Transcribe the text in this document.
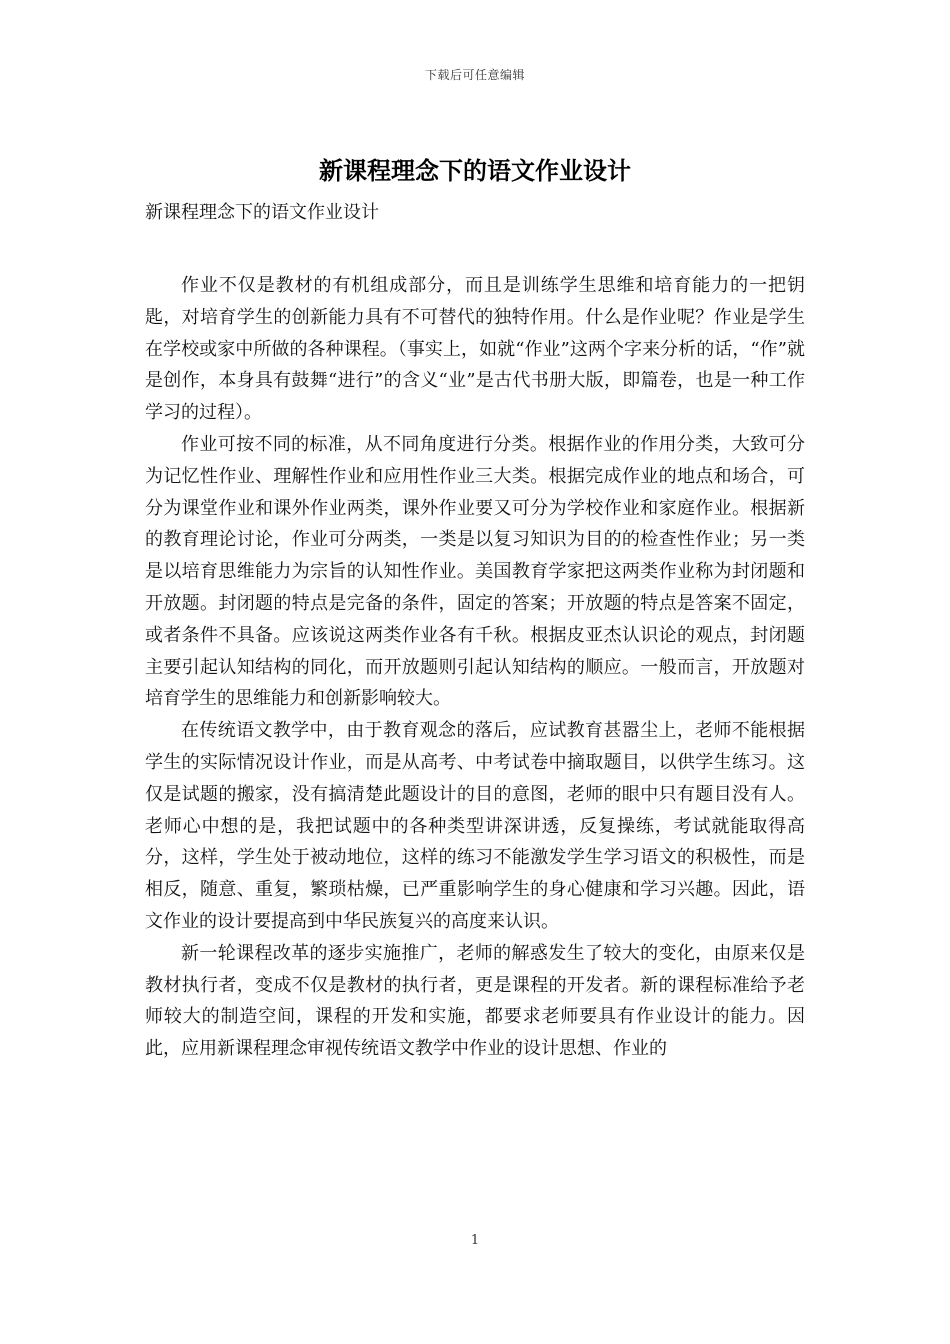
下载后可任意编辑
新课程理念下的语文作业设计

新课程理念下的语文作业设计

作业不仅是教材的有机组成部分，而且是训练学生思维和培育能力的一把钥匙，对培育学生的创新能力具有不可替代的独特作用。什么是作业呢？作业是学生在学校或家中所做的各种课程。（事实上，如就“作业”这两个字来分析的话，“作”就是创作，本身具有鼓舞“进行”的含义“业”是古代书册大版，即篇卷，也是一种工作学习的过程）。

作业可按不同的标准，从不同角度进行分类。根据作业的作用分类，大致可分为记忆性作业、理解性作业和应用性作业三大类。根据完成作业的地点和场合，可分为课堂作业和课外作业两类，课外作业要又可分为学校作业和家庭作业。根据新的教育理论讨论，作业可分两类，一类是以复习知识为目的的检查性作业；另一类是以培育思维能力为宗旨的认知性作业。美国教育学家把这两类作业称为封闭题和开放题。封闭题的特点是完备的条件，固定的答案；开放题的特点是答案不固定，或者条件不具备。应该说这两类作业各有千秋。根据皮亚杰认识论的观点，封闭题主要引起认知结构的同化，而开放题则引起认知结构的顺应。一般而言，开放题对培育学生的思维能力和创新影响较大。

在传统语文教学中，由于教育观念的落后，应试教育甚嚣尘上，老师不能根据学生的实际情况设计作业，而是从高考、中考试卷中摘取题目，以供学生练习。这仅是试题的搬家，没有搞清楚此题设计的目的意图，老师的眼中只有题目没有人。老师心中想的是，我把试题中的各种类型讲深讲透，反复操练，考试就能取得高分，这样，学生处于被动地位，这样的练习不能激发学生学习语文的积极性，而是相反，随意、重复，繁琐枯燥，已严重影响学生的身心健康和学习兴趣。因此，语文作业的设计要提高到中华民族复兴的高度来认识。

新一轮课程改革的逐步实施推广，老师的解惑发生了较大的变化，由原来仅是教材执行者，变成不仅是教材的执行者，更是课程的开发者。新的课程标准给予老师较大的制造空间，课程的开发和实施，都要求老师要具有作业设计的能力。因此，应用新课程理念审视传统语文教学中作业的设计思想、作业的

1
